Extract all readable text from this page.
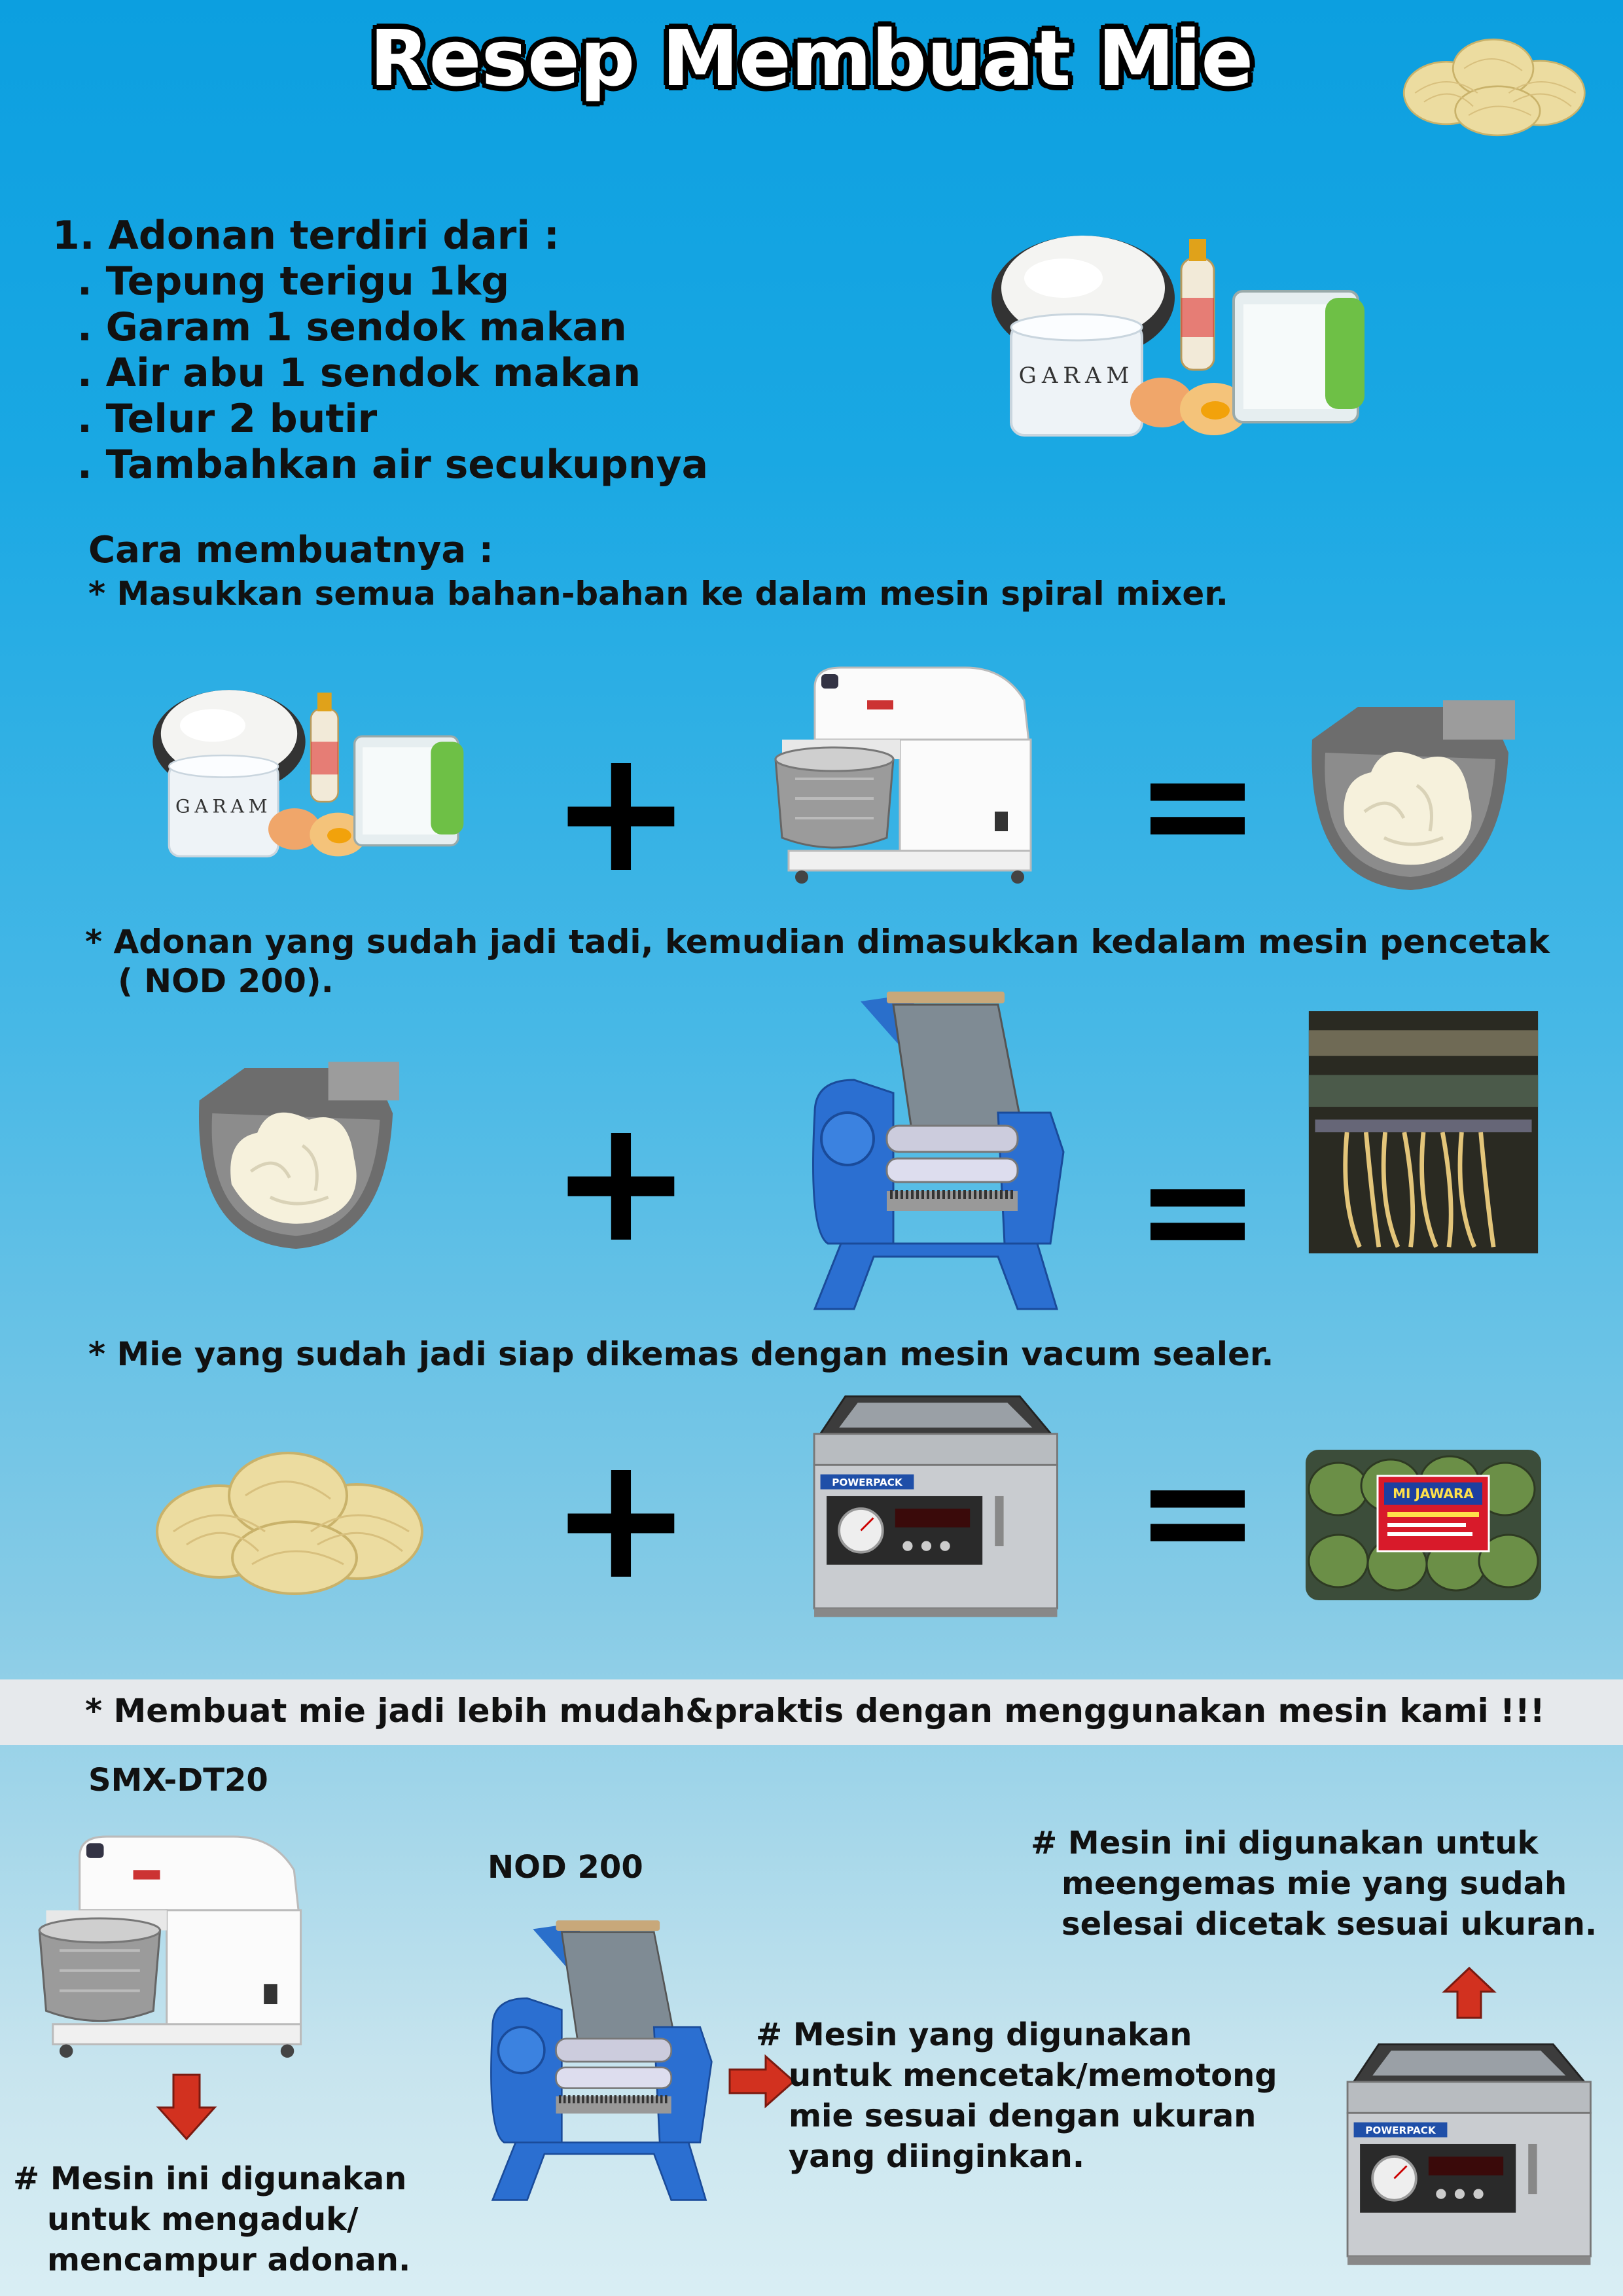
Resep Membuat Mie
1. Adonan terdiri dari :
. Tepung terigu 1kg
. Garam 1 sendok makan
. Air abu 1 sendok makan
. Telur 2 butir
. Tambahkan air secukupnya
Cara membuatnya :
* Masukkan semua bahan-bahan ke dalam mesin spiral mixer.
+	=
* Adonan yang sudah jadi tadi, kemudian dimasukkan kedalam mesin pencetak
( NOD 200).
+	=
* Mie yang sudah jadi siap dikemas dengan mesin vacum sealer.
+	=
* Membuat mie jadi lebih mudah&praktis dengan menggunakan mesin kami !!!
SMX-DT20
# Mesin ini digunakan
untuk mengaduk/
mencampur adonan.
NOD 200
# Mesin yang digunakan
untuk mencetak/memotong
mie sesuai dengan ukuran
yang diinginkan.
# Mesin ini digunakan untuk
meengemas mie yang sudah
selesai dicetak sesuai ukuran.
